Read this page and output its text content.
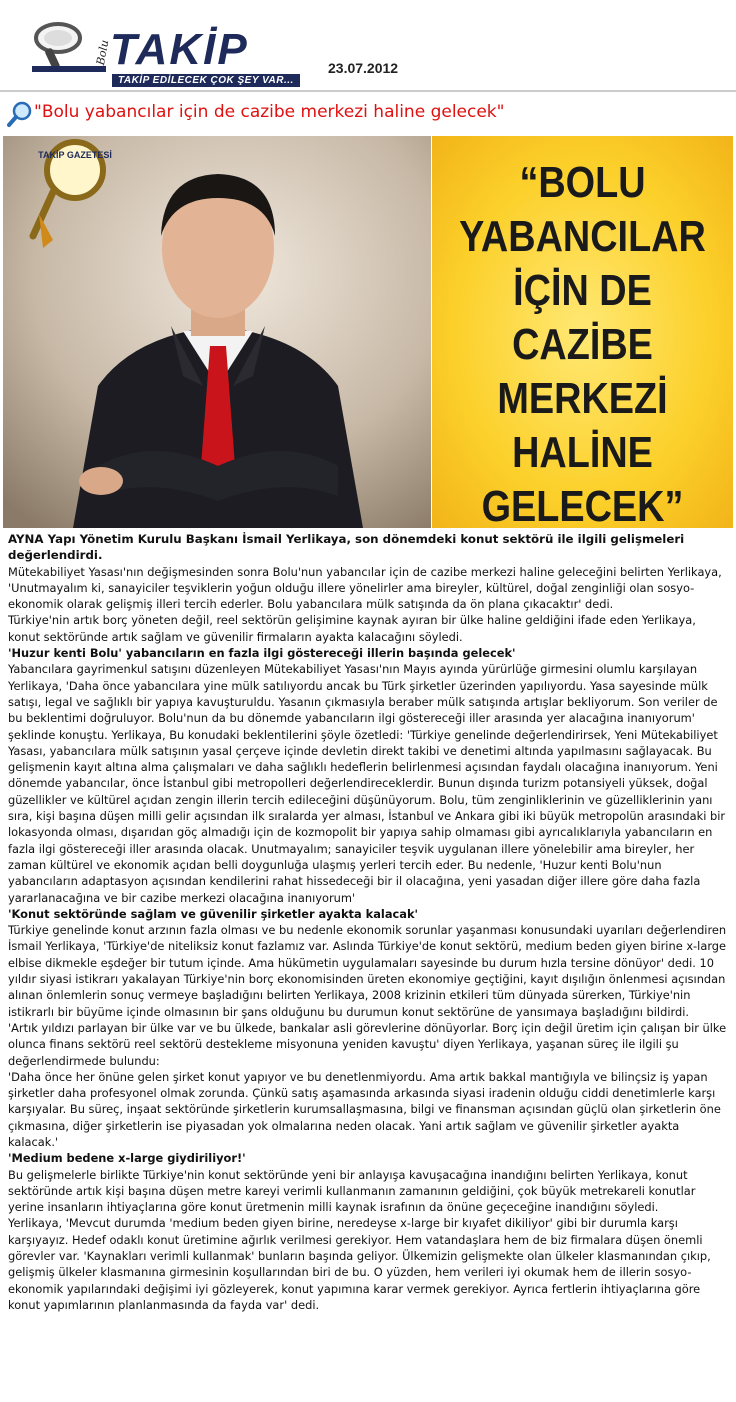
Bolu
TAKİP
TAKİP EDİLECEK ÇOK ŞEY VAR...
23.07.2012
"Bolu yabancılar için de cazibe merkezi haline gelecek"
TAKİP GAZETESİ
“BOLU
YABANCILAR
İÇİN DE
CAZİBE
MERKEZİ
HALİNE
GELECEK”

AYNA Yapı Yönetim Kurulu Başkanı İsmail Yerlikaya, son dönemdeki konut sektörü ile ilgili gelişmeleri değerlendirdi.

Mütekabiliyet Yasası'nın değişmesinden sonra Bolu'nun yabancılar için de cazibe merkezi haline geleceğini belirten Yerlikaya, 'Unutmayalım ki, sanayiciler teşviklerin yoğun olduğu illere yönelirler ama bireyler, kültürel, doğal zenginliği olan sosyo-ekonomik olarak gelişmiş illeri tercih ederler. Bolu yabancılara mülk satışında da ön plana çıkacaktır' dedi.

Türkiye'nin artık borç yöneten değil, reel sektörün gelişimine kaynak ayıran bir ülke haline geldiğini ifade eden Yerlikaya, konut sektöründe artık sağlam ve güvenilir firmaların ayakta kalacağını söyledi.

'Huzur kenti Bolu' yabancıların en fazla ilgi göstereceği illerin başında gelecek'

Yabancılara gayrimenkul satışını düzenleyen Mütekabiliyet Yasası'nın Mayıs ayında yürürlüğe girmesini olumlu karşılayan Yerlikaya, 'Daha önce yabancılara yine mülk satılıyordu ancak bu Türk şirketler üzerinden yapılıyordu. Yasa sayesinde mülk satışı, legal ve sağlıklı bir yapıya kavuşturuldu. Yasanın çıkmasıyla beraber mülk satışında artışlar bekliyorum. Son veriler de bu beklentimi doğruluyor. Bolu'nun da bu dönemde yabancıların ilgi göstereceği iller arasında yer alacağına inanıyorum' şeklinde konuştu. Yerlikaya, Bu konudaki beklentilerini şöyle özetledi: 'Türkiye genelinde değerlendirirsek, Yeni Mütekabiliyet Yasası, yabancılara mülk satışının yasal çerçeve içinde devletin direkt takibi ve denetimi altında yapılmasını sağlayacak. Bu gelişmenin kayıt altına alma çalışmaları ve daha sağlıklı hedeflerin belirlenmesi açısından faydalı olacağına inanıyorum. Yeni dönemde yabancılar, önce İstanbul gibi metropolleri değerlendireceklerdir. Bunun dışında turizm potansiyeli yüksek, doğal güzellikler ve kültürel açıdan zengin illerin tercih edileceğini düşünüyorum. Bolu, tüm zenginliklerinin ve güzelliklerinin yanı sıra, kişi başına düşen milli gelir açısından ilk sıralarda yer alması, İstanbul ve Ankara gibi iki büyük metropolün arasındaki bir lokasyonda olması, dışarıdan göç almadığı için de kozmopolit bir yapıya sahip olmaması gibi ayrıcalıklarıyla yabancıların en fazla ilgi göstereceği iller arasında olacak. Unutmayalım; sanayiciler teşvik uygulanan illere yönelebilir ama bireyler, her zaman kültürel ve ekonomik açıdan belli doygunluğa ulaşmış yerleri tercih eder. Bu nedenle, 'Huzur kenti Bolu'nun yabancıların adaptasyon açısından kendilerini rahat hissedeceği bir il olacağına, yeni yasadan diğer illere göre daha fazla yararlanacağına ve bir cazibe merkezi olacağına inanıyorum'

'Konut sektöründe sağlam ve güvenilir şirketler ayakta kalacak'

Türkiye genelinde konut arzının fazla olması ve bu nedenle ekonomik sorunlar yaşanması konusundaki uyarıları değerlendiren İsmail Yerlikaya, 'Türkiye'de niteliksiz konut fazlamız var. Aslında Türkiye'de konut sektörü, medium beden giyen birine x-large elbise dikmekle eşdeğer bir tutum içinde. Ama hükümetin uygulamaları sayesinde bu durum hızla tersine dönüyor' dedi. 10 yıldır siyasi istikrarı yakalayan Türkiye'nin borç ekonomisinden üreten ekonomiye geçtiğini, kayıt dışılığın önlenmesi açısından alınan önlemlerin sonuç vermeye başladığını belirten Yerlikaya, 2008 krizinin etkileri tüm dünyada sürerken, Türkiye'nin istikrarlı bir büyüme içinde olmasının bir şans olduğunu bu durumun konut sektörüne de yansımaya başladığını bildirdi.

'Artık yıldızı parlayan bir ülke var ve bu ülkede, bankalar asli görevlerine dönüyorlar. Borç için değil üretim için çalışan bir ülke olunca finans sektörü reel sektörü destekleme misyonuna yeniden kavuştu' diyen Yerlikaya, yaşanan süreç ile ilgili şu değerlendirmede bulundu:

'Daha önce her önüne gelen şirket konut yapıyor ve bu denetlenmiyordu. Ama artık bakkal mantığıyla ve bilinçsiz iş yapan şirketler daha profesyonel olmak zorunda. Çünkü satış aşamasında arkasında siyasi iradenin olduğu ciddi denetimlerle karşı karşıyalar. Bu süreç, inşaat sektöründe şirketlerin kurumsallaşmasına, bilgi ve finansman açısından güçlü olan şirketlerin öne çıkmasına, diğer şirketlerin ise piyasadan yok olmalarına neden olacak. Yani artık sağlam ve güvenilir şirketler ayakta kalacak.'

'Medium bedene x-large giydiriliyor!'

Bu gelişmelerle birlikte Türkiye'nin konut sektöründe yeni bir anlayışa kavuşacağına inandığını belirten Yerlikaya, konut sektöründe artık kişi başına düşen metre kareyi verimli kullanmanın zamanının geldiğini, çok büyük metrekareli konutlar yerine insanların ihtiyaçlarına göre konut üretmenin milli kaynak israfının da önüne geçeceğine inandığını söyledi.

Yerlikaya, 'Mevcut durumda 'medium beden giyen birine, neredeyse x-large bir kıyafet dikiliyor' gibi bir durumla karşı karşıyayız. Hedef odaklı konut üretimine ağırlık verilmesi gerekiyor. Hem vatandaşlara hem de biz firmalara düşen önemli görevler var. 'Kaynakları verimli kullanmak' bunların başında geliyor. Ülkemizin gelişmekte olan ülkeler klasmanından çıkıp, gelişmiş ülkeler klasmanına girmesinin koşullarından biri de bu. O yüzden, hem verileri iyi okumak hem de illerin sosyo-ekonomik yapılarındaki değişimi iyi gözleyerek, konut yapımına karar vermek gerekiyor. Ayrıca fertlerin ihtiyaçlarına göre konut yapımlarının planlanmasında da fayda var' dedi.
